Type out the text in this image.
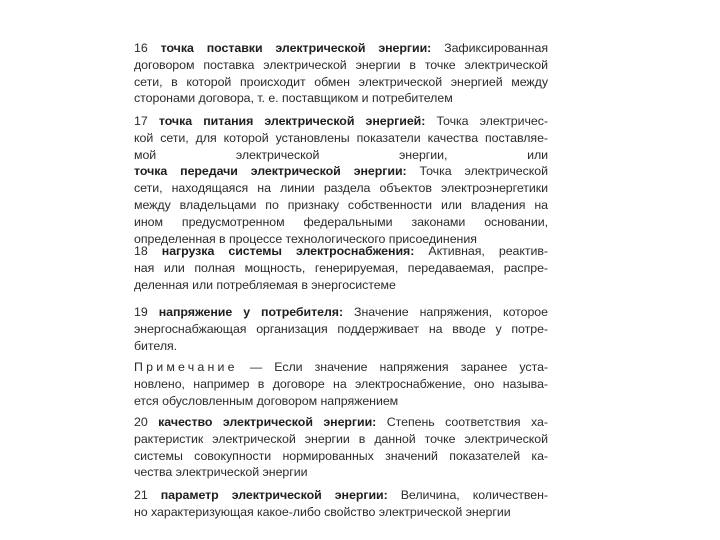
16 точка поставки электрической энергии: Зафиксированная
договором поставка электрической энергии в точке электрической
сети, в которой происходит обмен электрической энергией между
сторонами договора, т. е. поставщиком и потребителем
17 точка питания электрической энергией: Точка электричес-
кой сети, для которой установлены показатели качества поставляе-
мой электрической энергии, или
точка передачи электрической энергии: Точка электрической
сети, находящаяся на линии раздела объектов электроэнергетики
между владельцами по признаку собственности или владения на
ином предусмотренном федеральными законами основании,
определенная в процессе технологического присоединения
18 нагрузка системы электроснабжения: Активная, реактив-
ная или полная мощность, генерируемая, передаваемая, распре-
деленная или потребляемая в энергосистеме
19 напряжение у потребителя: Значение напряжения, которое
энергоснабжающая организация поддерживает на вводе у потре-
бителя.
Примечание — Если значение напряжения заранее уста-
новлено, например в договоре на электроснабжение, оно называ-
ется обусловленным договором напряжением
20 качество электрической энергии: Степень соответствия ха-
рактеристик электрической энергии в данной точке электрической
системы совокупности нормированных значений показателей ка-
чества электрической энергии
21 параметр электрической энергии: Величина, количествен-
но характеризующая какое-либо свойство электрической энергии
